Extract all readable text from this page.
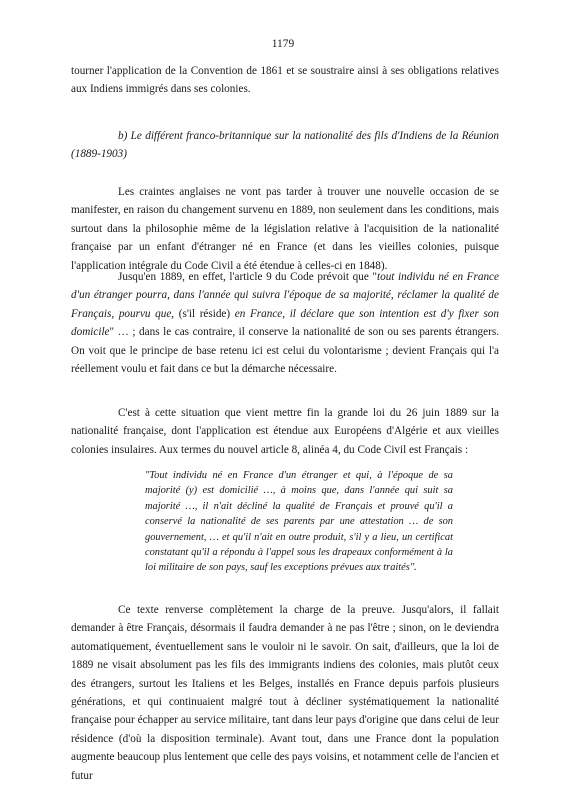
1179

tourner l'application de la Convention de 1861 et se soustraire ainsi à ses obligations relatives aux Indiens immigrés dans ses colonies.

b) Le différent franco-britannique sur la nationalité des fils d'Indiens de la Réunion (1889-1903)

Les craintes anglaises ne vont pas tarder à trouver une nouvelle occasion de se manifester, en raison du changement survenu en 1889, non seulement dans les conditions, mais surtout dans la philosophie même de la législation relative à l'acquisition de la nationalité française par un enfant d'étranger né en France (et dans les vieilles colonies, puisque l'application intégrale du Code Civil a été étendue à celles-ci en 1848).

Jusqu'en 1889, en effet, l'article 9 du Code prévoit que "tout individu né en France d'un étranger pourra, dans l'année qui suivra l'époque de sa majorité, réclamer la qualité de Français, pourvu que, (s'il réside) en France, il déclare que son intention est d'y fixer son domicile" … ; dans le cas contraire, il conserve la nationalité de son ou ses parents étrangers. On voit que le principe de base retenu ici est celui du volontarisme ; devient Français qui l'a réellement voulu et fait dans ce but la démarche nécessaire.

C'est à cette situation que vient mettre fin la grande loi du 26 juin 1889 sur la nationalité française, dont l'application est étendue aux Européens d'Algérie et aux vieilles colonies insulaires. Aux termes du nouvel article 8, alinéa 4, du Code Civil est Français :

"Tout individu né en France d'un étranger et qui, à l'époque de sa majorité (y) est domicilié …, à moins que, dans l'année qui suit sa majorité …, il n'ait décliné la qualité de Français et prouvé qu'il a conservé la nationalité de ses parents par une attestation … de son gouvernement, … et qu'il n'ait en outre produit, s'il y a lieu, un certificat constatant qu'il a répondu à l'appel sous les drapeaux conformément à la loi militaire de son pays, sauf les exceptions prévues aux traités".

Ce texte renverse complètement la charge de la preuve. Jusqu'alors, il fallait demander à être Français, désormais il faudra demander à ne pas l'être ; sinon, on le deviendra automatiquement, éventuellement sans le vouloir ni le savoir. On sait, d'ailleurs, que la loi de 1889 ne visait absolument pas les fils des immigrants indiens des colonies, mais plutôt ceux des étrangers, surtout les Italiens et les Belges, installés en France depuis parfois plusieurs générations, et qui continuaient malgré tout à décliner systématiquement la nationalité française pour échapper au service militaire, tant dans leur pays d'origine que dans celui de leur résidence (d'où la disposition terminale). Avant tout, dans une France dont la population augmente beaucoup plus lentement que celle des pays voisins, et notamment celle de l'ancien et futur
